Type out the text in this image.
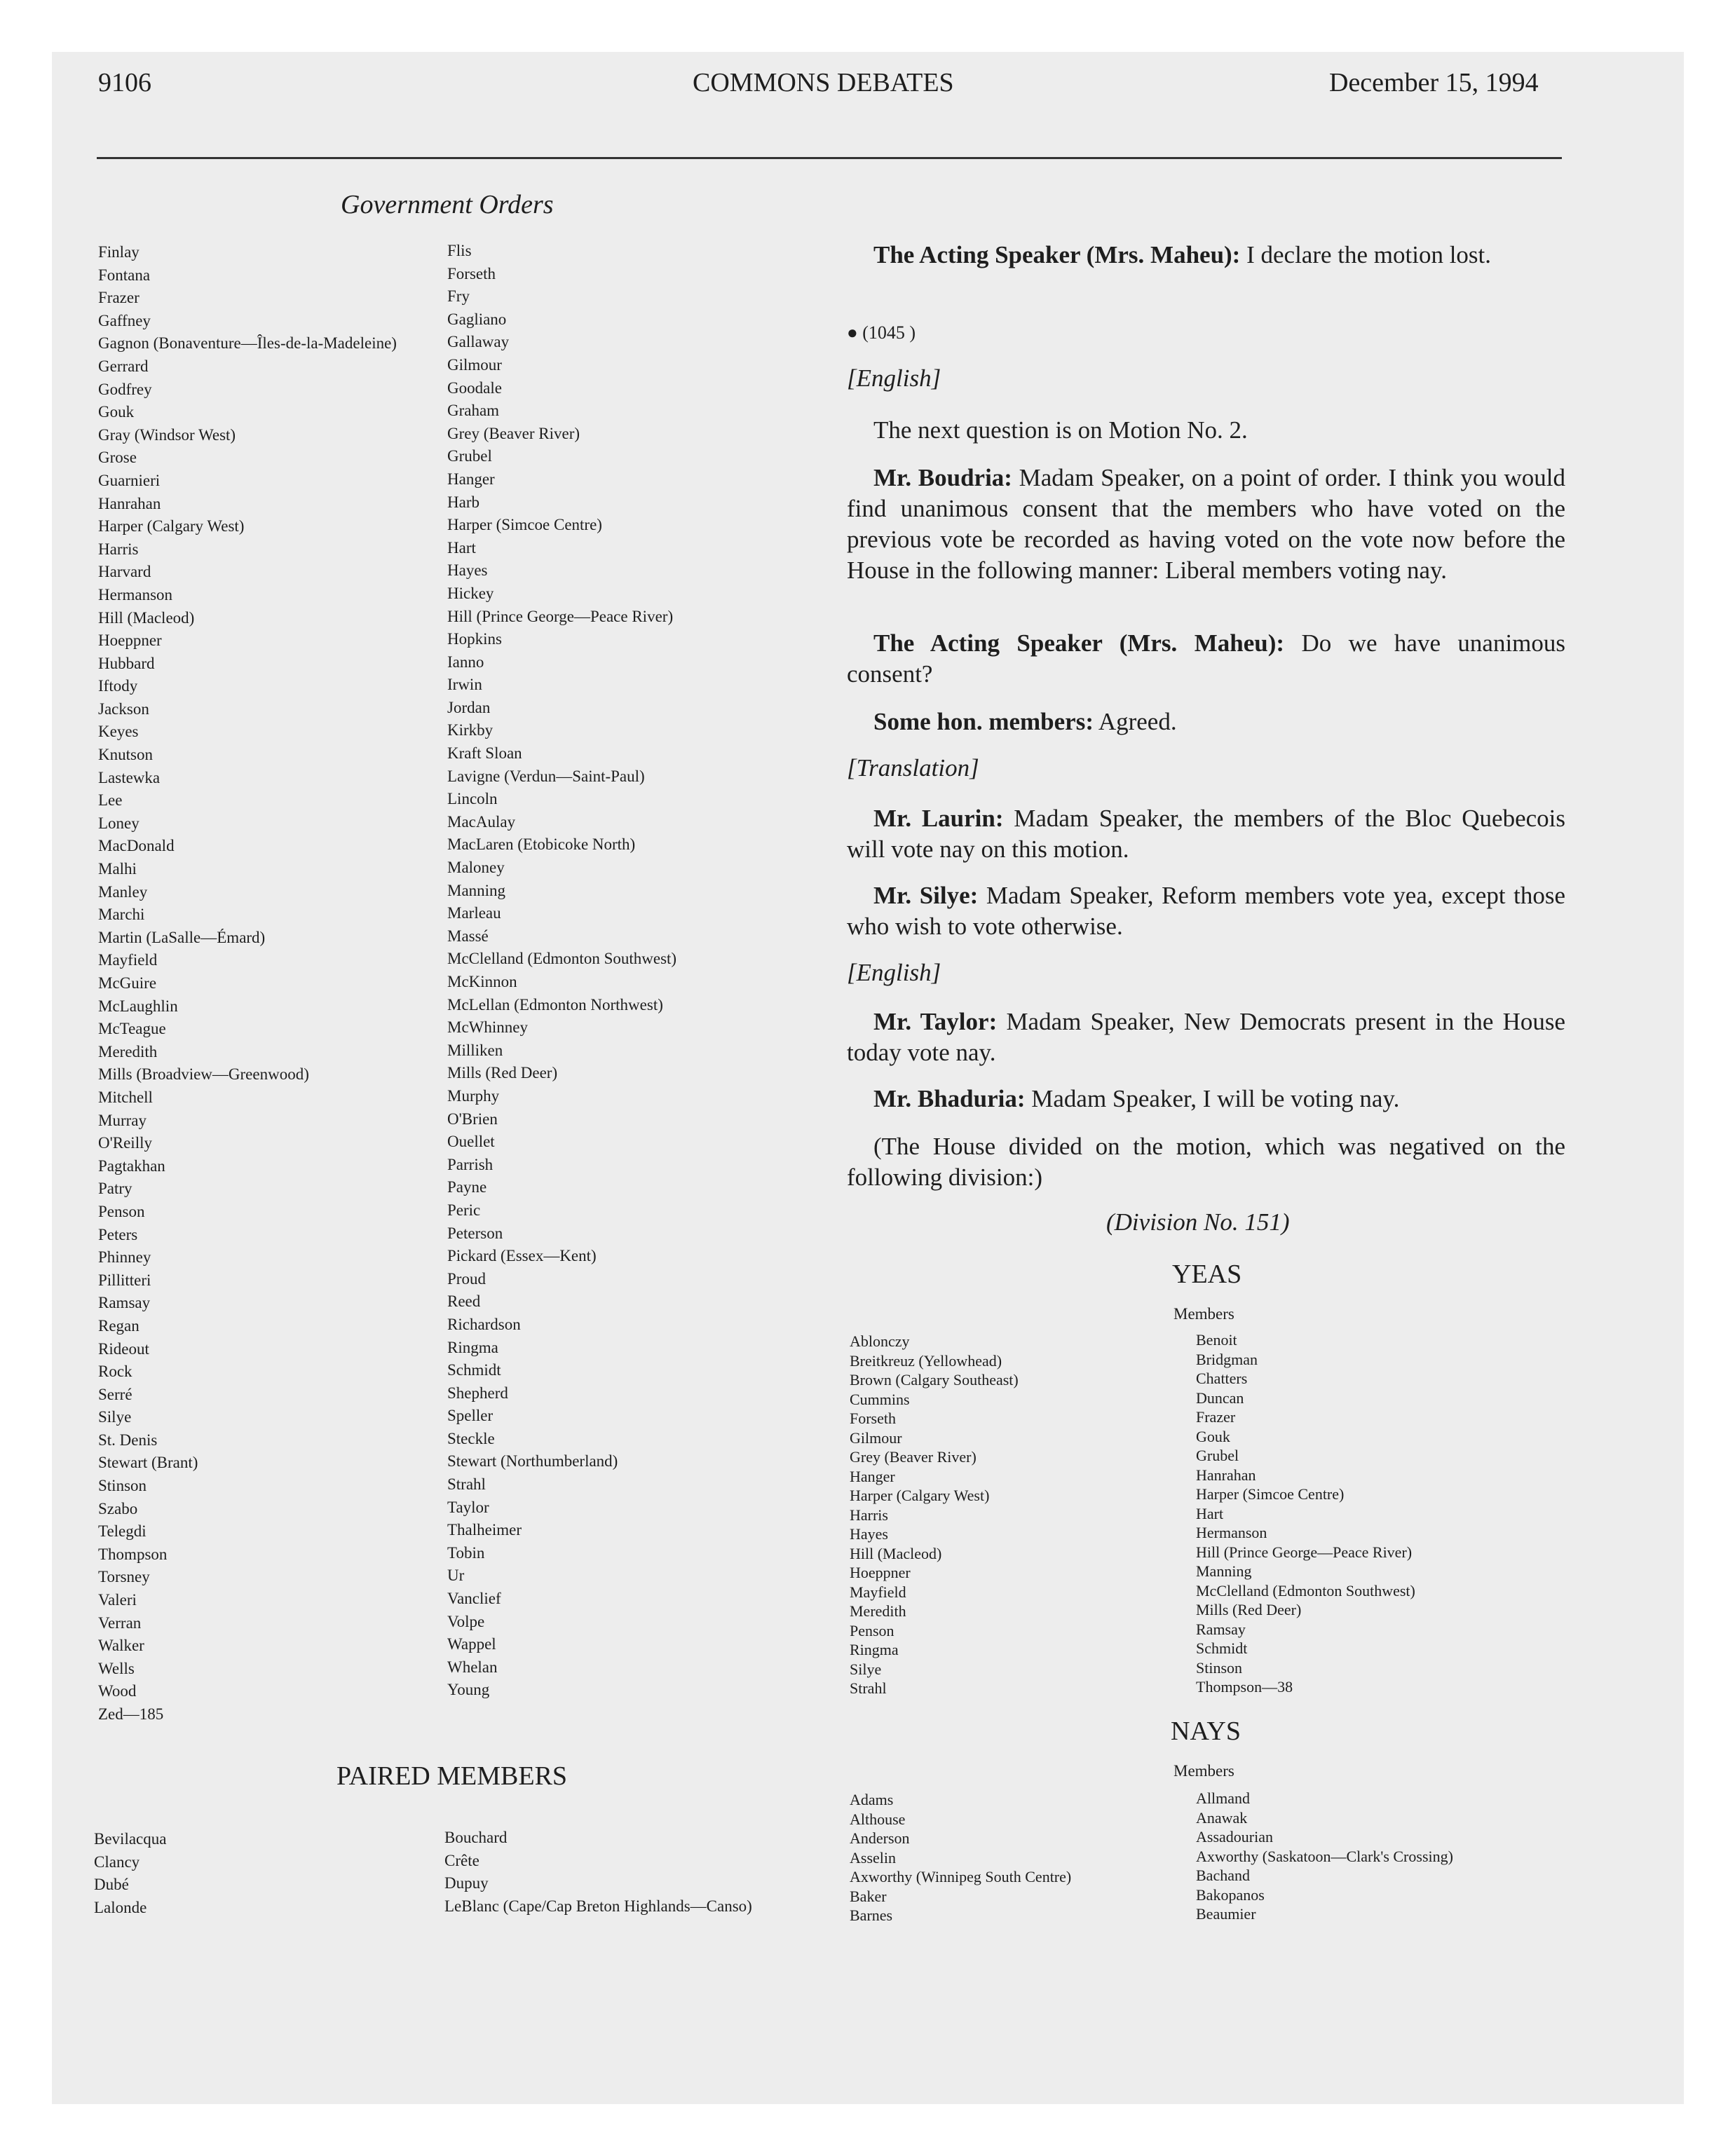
9106	COMMONS DEBATES	December 15, 1994
Government Orders
Finlay
Fontana
Frazer
Gaffney
Gagnon (Bonaventure—Îles-de-la-Madeleine)
Gerrard
Godfrey
Gouk
Gray (Windsor West)
Grose
Guarnieri
Hanrahan
Harper (Calgary West)
Harris
Harvard
Hermanson
Hill (Macleod)
Hoeppner
Hubbard
Iftody
Jackson
Keyes
Knutson
Lastewka
Lee
Loney
MacDonald
Malhi
Manley
Marchi
Martin (LaSalle—Émard)
Mayfield
McGuire
McLaughlin
McTeague
Meredith
Mills (Broadview—Greenwood)
Mitchell
Murray
O'Reilly
Pagtakhan
Patry
Penson
Peters
Phinney
Pillitteri
Ramsay
Regan
Rideout
Rock
Serré
Silye
St. Denis
Stewart (Brant)
Stinson
Szabo
Telegdi
Thompson
Torsney
Valeri
Verran
Walker
Wells
Wood
Zed—185
Flis
Forseth
Fry
Gagliano
Gallaway
Gilmour
Goodale
Graham
Grey (Beaver River)
Grubel
Hanger
Harb
Harper (Simcoe Centre)
Hart
Hayes
Hickey
Hill (Prince George—Peace River)
Hopkins
Ianno
Irwin
Jordan
Kirkby
Kraft Sloan
Lavigne (Verdun—Saint-Paul)
Lincoln
MacAulay
MacLaren (Etobicoke North)
Maloney
Manning
Marleau
Massé
McClelland (Edmonton Southwest)
McKinnon
McLellan (Edmonton Northwest)
McWhinney
Milliken
Mills (Red Deer)
Murphy
O'Brien
Ouellet
Parrish
Payne
Peric
Peterson
Pickard (Essex—Kent)
Proud
Reed
Richardson
Ringma
Schmidt
Shepherd
Speller
Steckle
Stewart (Northumberland)
Strahl
Taylor
Thalheimer
Tobin
Ur
Vanclief
Volpe
Wappel
Whelan
Young
PAIRED MEMBERS
Bevilacqua
Clancy
Dubé
Lalonde
Bouchard
Crête
Dupuy
LeBlanc (Cape/Cap Breton Highlands—Canso)
The Acting Speaker (Mrs. Maheu): I declare the motion lost.
● (1045 )
[English]
The next question is on Motion No. 2.
Mr. Boudria: Madam Speaker, on a point of order. I think you would find unanimous consent that the members who have voted on the previous vote be recorded as having voted on the vote now before the House in the following manner: Liberal members voting nay.
The Acting Speaker (Mrs. Maheu): Do we have unanimous consent?
Some hon. members: Agreed.
[Translation]
Mr. Laurin: Madam Speaker, the members of the Bloc Quebecois will vote nay on this motion.
Mr. Silye: Madam Speaker, Reform members vote yea, except those who wish to vote otherwise.
[English]
Mr. Taylor: Madam Speaker, New Democrats present in the House today vote nay.
Mr. Bhaduria: Madam Speaker, I will be voting nay.
(The House divided on the motion, which was negatived on the following division:)
(Division No. 151)
YEAS
Members
Ablonczy
Breitkreuz (Yellowhead)
Brown (Calgary Southeast)
Cummins
Forseth
Gilmour
Grey (Beaver River)
Hanger
Harper (Calgary West)
Harris
Hayes
Hill (Macleod)
Hoeppner
Mayfield
Meredith
Penson
Ringma
Silye
Strahl
Benoit
Bridgman
Chatters
Duncan
Frazer
Gouk
Grubel
Hanrahan
Harper (Simcoe Centre)
Hart
Hermanson
Hill (Prince George—Peace River)
Manning
McClelland (Edmonton Southwest)
Mills (Red Deer)
Ramsay
Schmidt
Stinson
Thompson—38
NAYS
Members
Adams
Althouse
Anderson
Asselin
Axworthy (Winnipeg South Centre)
Baker
Barnes
Allmand
Anawak
Assadourian
Axworthy (Saskatoon—Clark's Crossing)
Bachand
Bakopanos
Beaumier
